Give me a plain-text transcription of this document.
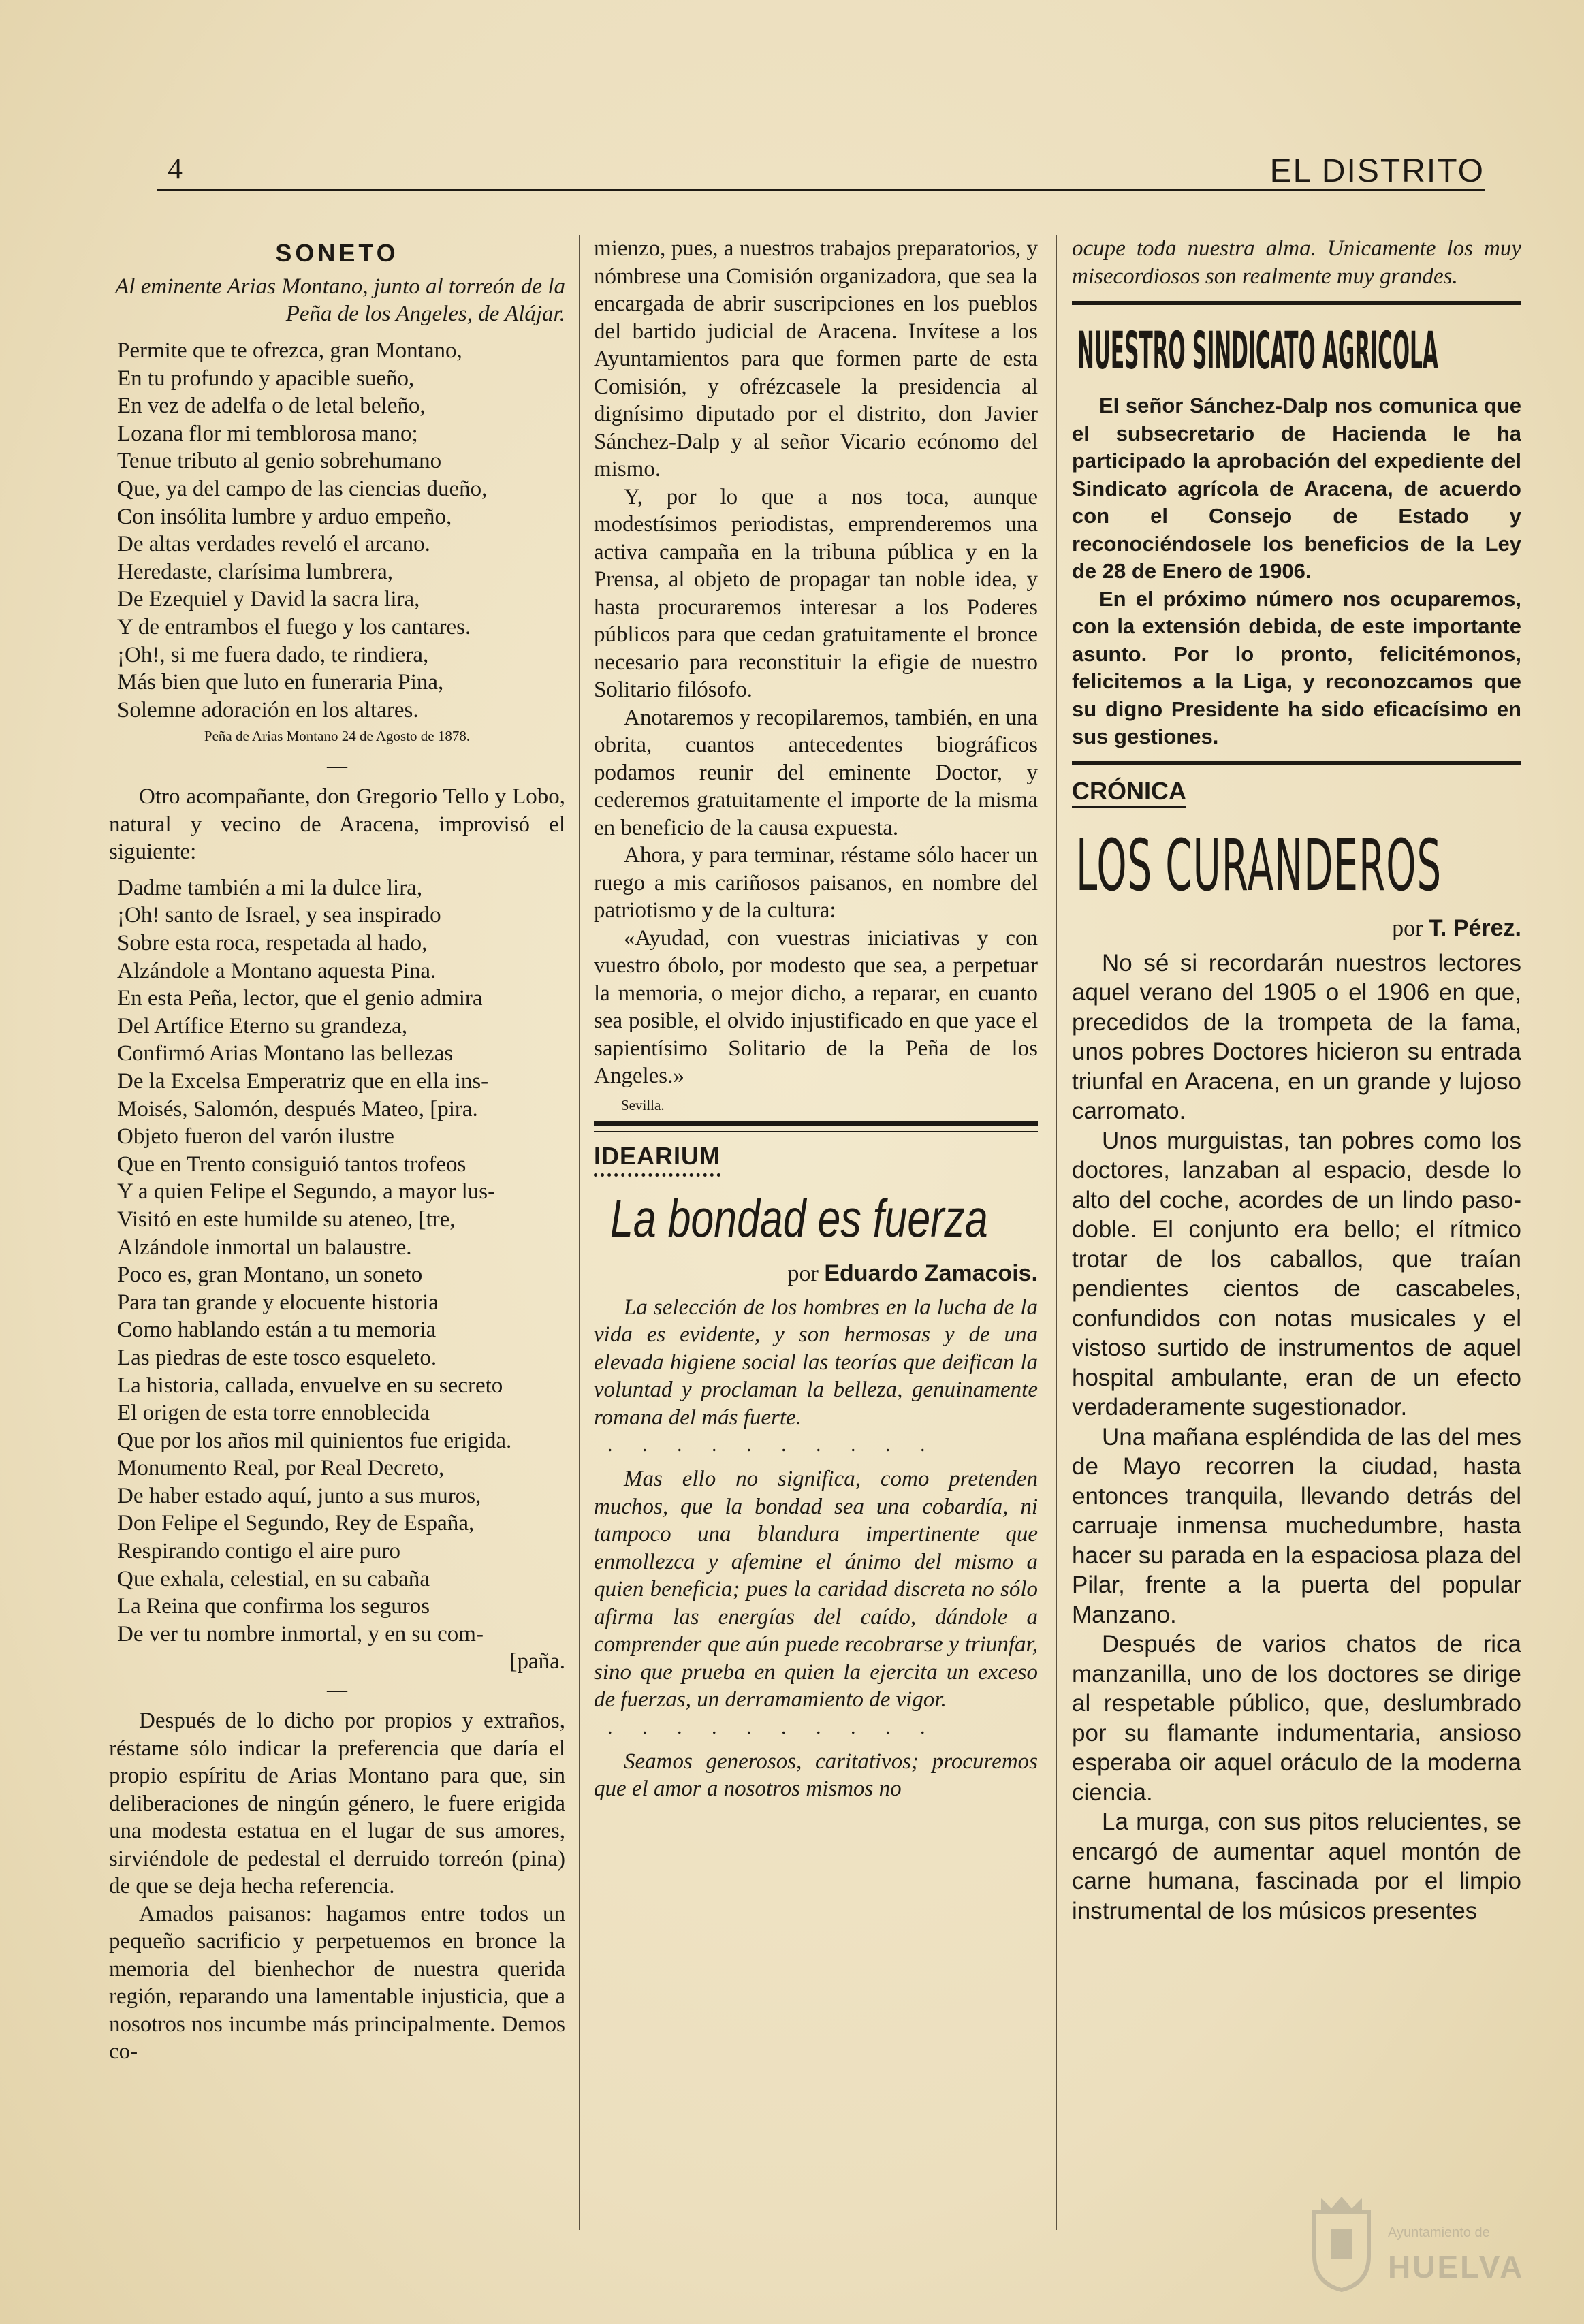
4	EL DISTRITO
SONETO
Al eminente Arias Montano, junto al torreón de la Peña de los Angeles, de Alájar.
Permite que te ofrezca, gran Montano,
En tu profundo y apacible sueño,
En vez de adelfa o de letal beleño,
Lozana flor mi temblorosa mano;
Tenue tributo al genio sobrehumano
Que, ya del campo de las ciencias dueño,
Con insólita lumbre y arduo empeño,
De altas verdades reveló el arcano.
Heredaste, clarísima lumbrera,
De Ezequiel y David la sacra lira,
Y de entrambos el fuego y los cantares.
¡Oh!, si me fuera dado, te rindiera,
Más bien que luto en funeraria Pina,
Solemne adoración en los altares.
Peña de Arias Montano 24 de Agosto de 1878.
—

Otro acompañante, don Gregorio Tello y Lobo, natural y vecino de Aracena, improvisó el siguiente:

Dadme también a mi la dulce lira,
¡Oh! santo de Israel, y sea inspirado
Sobre esta roca, respetada al hado,
Alzándole a Montano aquesta Pina.
En esta Peña, lector, que el genio admira
Del Artífice Eterno su grandeza,
Confirmó Arias Montano las bellezas
De la Excelsa Emperatriz que en ella ins-
Moisés, Salomón, después Mateo, [pira.
Objeto fueron del varón ilustre
Que en Trento consiguió tantos trofeos
Y a quien Felipe el Segundo, a mayor lus-
Visitó en este humilde su ateneo, [tre,
Alzándole inmortal un balaustre.
Poco es, gran Montano, un soneto
Para tan grande y elocuente historia
Como hablando están a tu memoria
Las piedras de este tosco esqueleto.
La historia, callada, envuelve en su secreto
El origen de esta torre ennoblecida
Que por los años mil quinientos fue erigida.
Monumento Real, por Real Decreto,
De haber estado aquí, junto a sus muros,
Don Felipe el Segundo, Rey de España,
Respirando contigo el aire puro
Que exhala, celestial, en su cabaña
La Reina que confirma los seguros
De ver tu nombre inmortal, y en su com-
[paña.
—

Después de lo dicho por propios y extraños, réstame sólo indicar la preferencia que daría el propio espíritu de Arias Montano para que, sin deliberaciones de ningún género, le fuere erigida una modesta estatua en el lugar de sus amores, sirviéndole de pedestal el derruido torreón (pina) de que se deja hecha referencia.

Amados paisanos: hagamos entre todos un pequeño sacrificio y perpetuemos en bronce la memoria del bienhechor de nuestra querida región, reparando una lamentable injusticia, que a nosotros nos incumbe más principalmente. Demos co-

mienzo, pues, a nuestros trabajos preparatorios, y nómbrese una Comisión organizadora, que sea la encargada de abrir suscripciones en los pueblos del bartido judicial de Aracena. Invítese a los Ayuntamientos para que formen parte de esta Comisión, y ofrézcasele la presidencia al dignísimo diputado por el distrito, don Javier Sánchez-Dalp y al señor Vicario ecónomo del mismo.

Y, por lo que a nos toca, aunque modestísimos periodistas, emprenderemos una activa campaña en la tribuna pública y en la Prensa, al objeto de propagar tan noble idea, y hasta procuraremos interesar a los Poderes públicos para que cedan gratuitamente el bronce necesario para reconstituir la efigie de nuestro Solitario filósofo.

Anotaremos y recopilaremos, también, en una obrita, cuantos antecedentes biográficos podamos reunir del eminente Doctor, y cederemos gratuitamente el importe de la misma en beneficio de la causa expuesta.

Ahora, y para terminar, réstame sólo hacer un ruego a mis cariñosos paisanos, en nombre del patriotismo y de la cultura:

«Ayudad, con vuestras iniciativas y con vuestro óbolo, por modesto que sea, a perpetuar la memoria, o mejor dicho, a reparar, en cuanto sea posible, el olvido injustificado en que yace el sapientísimo Solitario de la Peña de los Angeles.»

Sevilla.
IDEARIUM
La bondad es fuerza
por Eduardo Zamacois.

La selección de los hombres en la lucha de la vida es evidente, y son hermosas y de una elevada higiene social las teorías que deifican la voluntad y proclaman la belleza, genuinamente romana del más fuerte.

. . . . . . . . . .

Mas ello no significa, como pretenden muchos, que la bondad sea una cobardía, ni tampoco una blandura impertinente que enmollezca y afemine el ánimo del mismo a quien beneficia; pues la caridad discreta no sólo afirma las energías del caído, dándole a comprender que aún puede recobrarse y triunfar, sino que prueba en quien la ejercita un exceso de fuerzas, un derramamiento de vigor.

. . . . . . . . . .

Seamos generosos, caritativos; procuremos que el amor a nosotros mismos no

ocupe toda nuestra alma. Unicamente los muy misecordiosos son realmente muy grandes.

NUESTRO SINDICATO AGRICOLA

El señor Sánchez-Dalp nos comunica que el subsecretario de Hacienda le ha participado la aprobación del expediente del Sindicato agrícola de Aracena, de acuerdo con el Consejo de Estado y reconociéndosele los beneficios de la Ley de 28 de Enero de 1906.

En el próximo número nos ocuparemos, con la extensión debida, de este importante asunto. Por lo pronto, felicitémonos, felicitemos a la Liga, y reconozcamos que su digno Presidente ha sido eficacísimo en sus gestiones.

CRÓNICA
LOS CURANDEROS
por T. Pérez.

No sé si recordarán nuestros lectores aquel verano del 1905 o el 1906 en que, precedidos de la trompeta de la fama, unos pobres Doctores hicieron su entrada triunfal en Aracena, en un grande y lujoso carromato.

Unos murguistas, tan pobres como los doctores, lanzaban al espacio, desde lo alto del coche, acordes de un lindo paso-doble. El conjunto era bello; el rítmico trotar de los caballos, que traían pendientes cientos de cascabeles, confundidos con notas musicales y el vistoso surtido de instrumentos de aquel hospital ambulante, eran de un efecto verdaderamente sugestionador.

Una mañana espléndida de las del mes de Mayo recorren la ciudad, hasta entonces tranquila, llevando detrás del carruaje inmensa muchedumbre, hasta hacer su parada en la espaciosa plaza del Pilar, frente a la puerta del popular Manzano.

Después de varios chatos de rica manzanilla, uno de los doctores se dirige al respetable público, que, deslumbrado por su flamante indumentaria, ansioso esperaba oir aquel oráculo de la moderna ciencia.

La murga, con sus pitos relucientes, se encargó de aumentar aquel montón de carne humana, fascinada por el limpio instrumental de los músicos presentes

Ayuntamiento de
HUELVA
